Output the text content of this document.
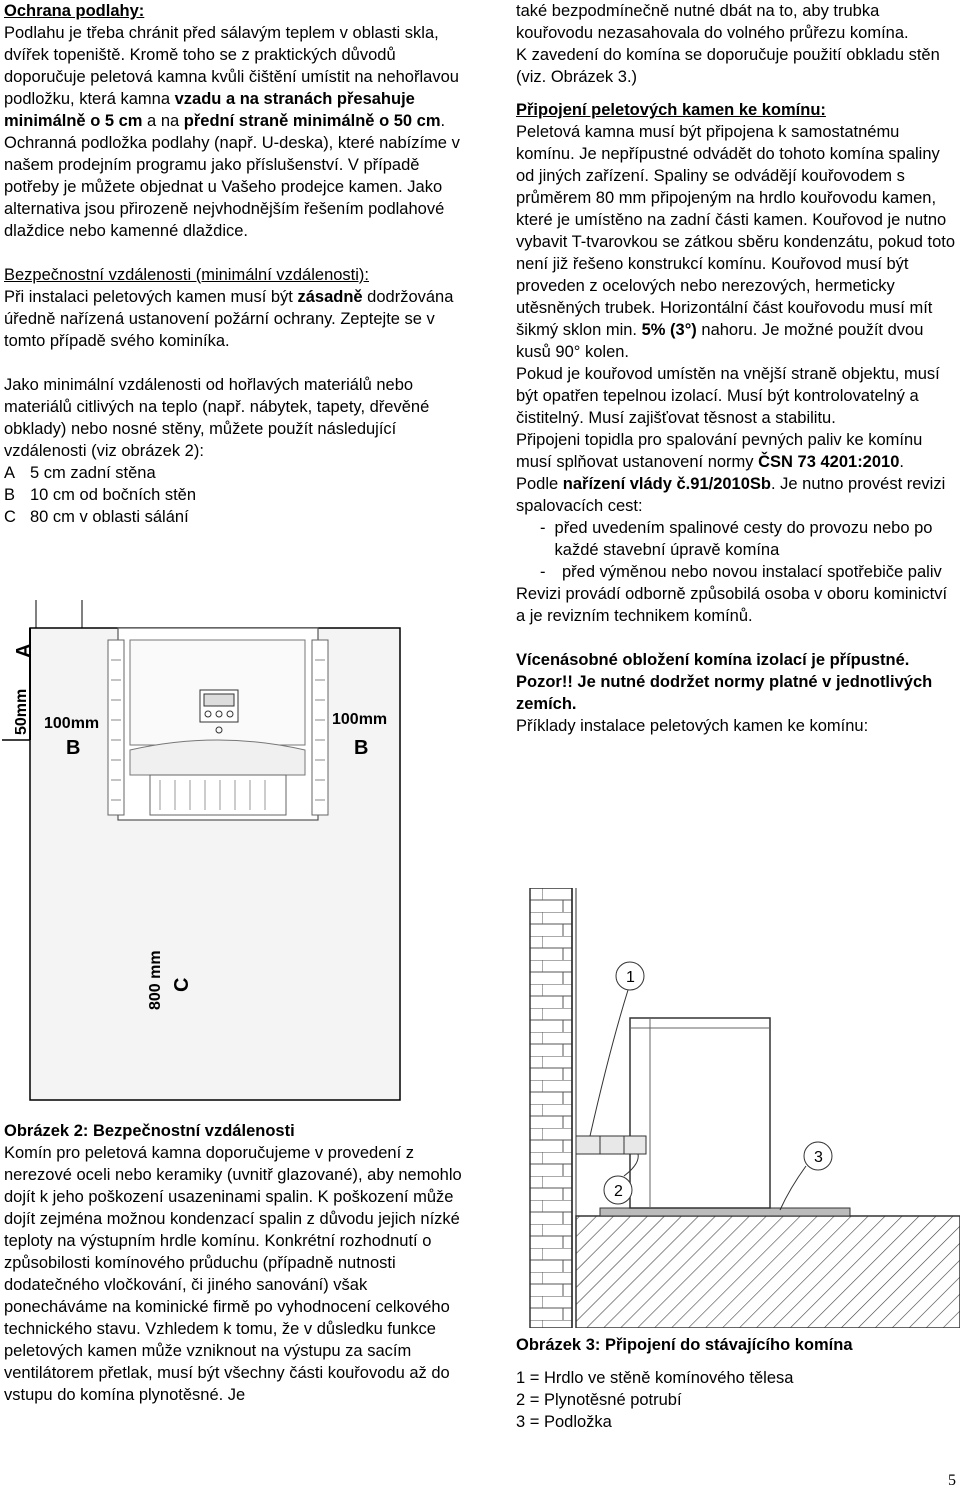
Ochrana podlahy:

Podlahu je třeba chránit před sálavým teplem v oblasti skla, dvířek topeniště. Kromě toho se z praktických důvodů doporučuje peletová kamna kvůli čištění umístit na nehořlavou podložku, která kamna vzadu a na stranách přesahuje minimálně o 5 cm a na přední straně minimálně o 50 cm. Ochranná podložka podlahy (např. U-deska), které nabízíme v našem prodejním programu jako příslušenství. V případě potřeby je můžete objednat u Vašeho prodejce kamen. Jako alternativa jsou přirozeně nejvhodnějším řešením podlahové dlaždice nebo kamenné dlaždice.

Bezpečnostní vzdálenosti (minimální vzdálenosti):

Při instalaci peletových kamen musí být zásadně dodržována úředně nařízená ustanovení požární ochrany. Zeptejte se v tomto případě svého kominíka.

Jako minimální vzdálenosti od hořlavých materiálů nebo materiálů citlivých na teplo (např. nábytek, tapety, dřevěné obklady) nebo nosné stěny, můžete použít následující vzdálenosti (viz obrázek 2):

A 5 cm zadní stěna
B 10 cm od bočních stěn
C 80 cm v oblasti sálání
A
50mm 100mm
B
100mm
B
800 mm C

Obrázek 2: Bezpečnostní vzdálenosti

Komín pro peletová kamna doporučujeme v provedení z nerezové oceli nebo keramiky (uvnitř glazované), aby nemohlo dojít k jeho poškození usazeninami spalin. K poškození může dojít zejména možnou kondenzací spalin z důvodu jejich nízké teploty na výstupním hrdle komínu. Konkrétní rozhodnutí o způsobilosti komínového průduchu (případně nutnosti dodatečného vločkování, či jiného sanování) však ponecháváme na kominické firmě po vyhodnocení celkového technického stavu. Vzhledem k tomu, že v důsledku funkce peletových kamen může vzniknout na výstupu za sacím ventilátorem přetlak, musí být všechny části kouřovodu až do vstupu do komína plynotěsné. Je

také bezpodmínečně nutné dbát na to, aby trubka kouřovodu nezasahovala do volného průřezu komína.

K zavedení do komína se doporučuje použití obkladu stěn (viz. Obrázek 3.)

Připojení peletových kamen ke komínu:

Peletová kamna musí být připojena k samostatnému komínu. Je nepřípustné odvádět do tohoto komína spaliny od jiných zařízení. Spaliny se odvádějí kouřovodem s průměrem 80 mm připojeným na hrdlo kouřovodu kamen, které je umístěno na zadní části kamen. Kouřovod je nutno vybavit T-tvarovkou se zátkou sběru kondenzátu, pokud toto není již řešeno konstrukcí komínu. Kouřovod musí být proveden z ocelových nebo nerezových, hermeticky utěsněných trubek. Horizontální část kouřovodu musí mít šikmý sklon min. 5% (3°) nahoru. Je možné použít dvou kusů 90° kolen.

Pokud je kouřovod umístěn na vnější straně objektu, musí být opatřen tepelnou izolací. Musí být kontrolovatelný a čistitelný. Musí zajišťovat těsnost a stabilitu.

Připojeni topidla pro spalování pevných paliv ke komínu musí splňovat ustanovení normy ČSN 73 4201:2010.

Podle nařízení vlády č.91/2010Sb. Je nutno provést revizi spalovacích cest:

- před uvedením spalinové cesty do provozu nebo po každé stavební úpravě komína
-	před výměnou nebo novou instalací spotřebiče paliv

Revizi provádí odborně způsobilá osoba v oboru kominictví a je revizním technikem komínů.

Vícenásobné obložení komína izolací je přípustné. Pozor!! Je nutné dodržet normy platné v jednotlivých zemích.

Příklady instalace peletových kamen ke komínu:

1
2
3

Obrázek 3: Připojení do stávajícího komína

1 = Hrdlo ve stěně komínového tělesa

2 = Plynotěsné potrubí

3 = Podložka

5
